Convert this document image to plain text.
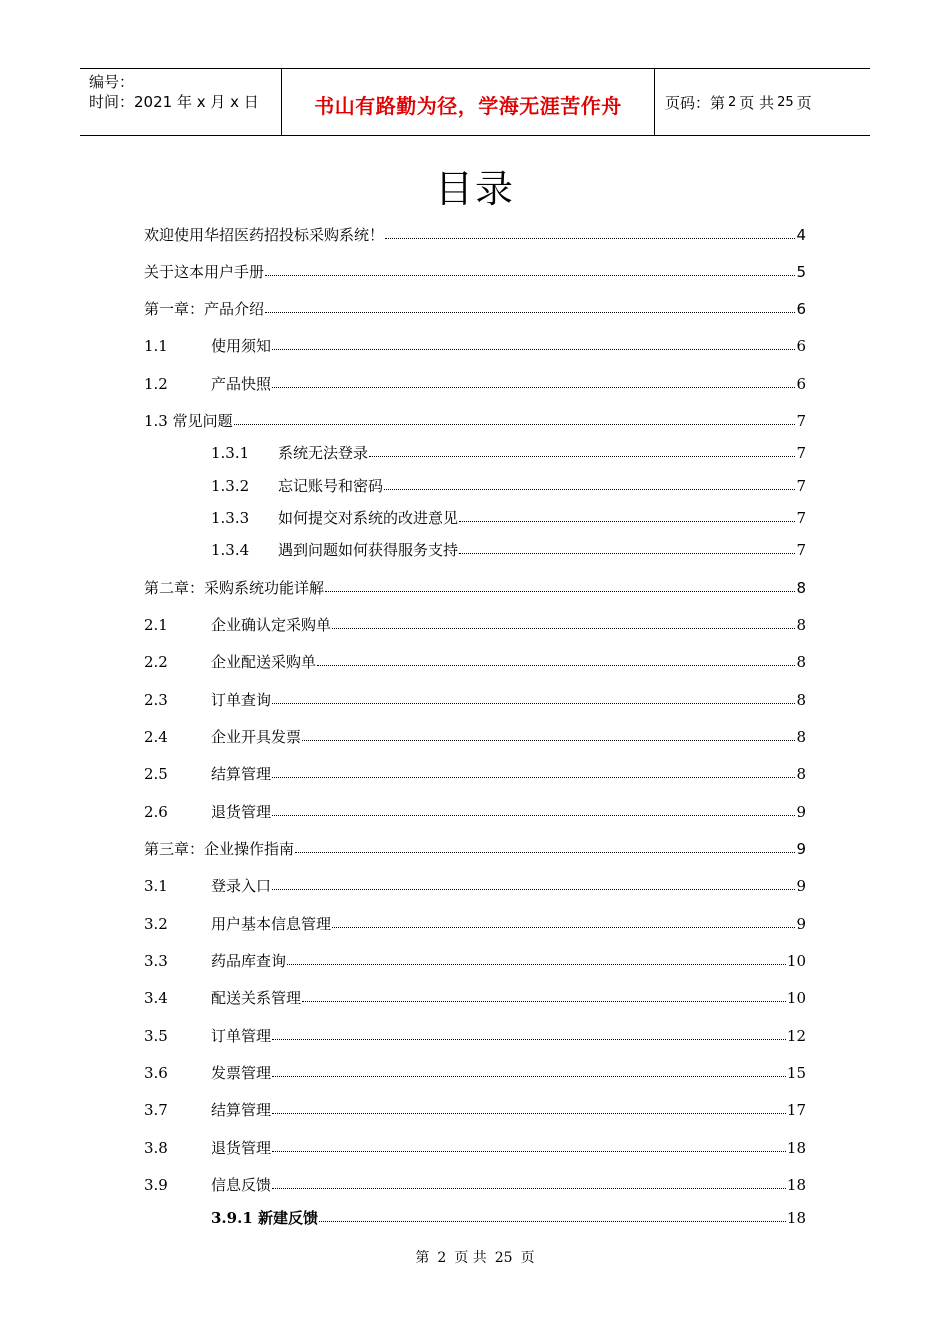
编号：
时间：2021 年 x 月 x 日	书山有路勤为径，学海无涯苦作舟	页码：第 2 页 共 25 页
目录
欢迎使用华招医药招投标采购系统！	4
关于这本用户手册	5
第一章：产品介绍	6
1.1	使用须知	6
1.2	产品快照	6
1.3 常见问题	7
1.3.1	系统无法登录	7
1.3.2	忘记账号和密码	7
1.3.3	如何提交对系统的改进意见	7
1.3.4	遇到问题如何获得服务支持	7
第二章：采购系统功能详解	8
2.1	企业确认定采购单	8
2.2	企业配送采购单	8
2.3	订单查询	8
2.4	企业开具发票	8
2.5	结算管理	8
2.6	退货管理	9
第三章：企业操作指南	9
3.1	登录入口	9
3.2	用户基本信息管理	9
3.3	药品库查询	10
3.4	配送关系管理	10
3.5	订单管理	12
3.6	发票管理	15
3.7	结算管理	17
3.8	退货管理	18
3.9	信息反馈	18
3.9.1 新建反馈	18
第 2 页 共 25 页
